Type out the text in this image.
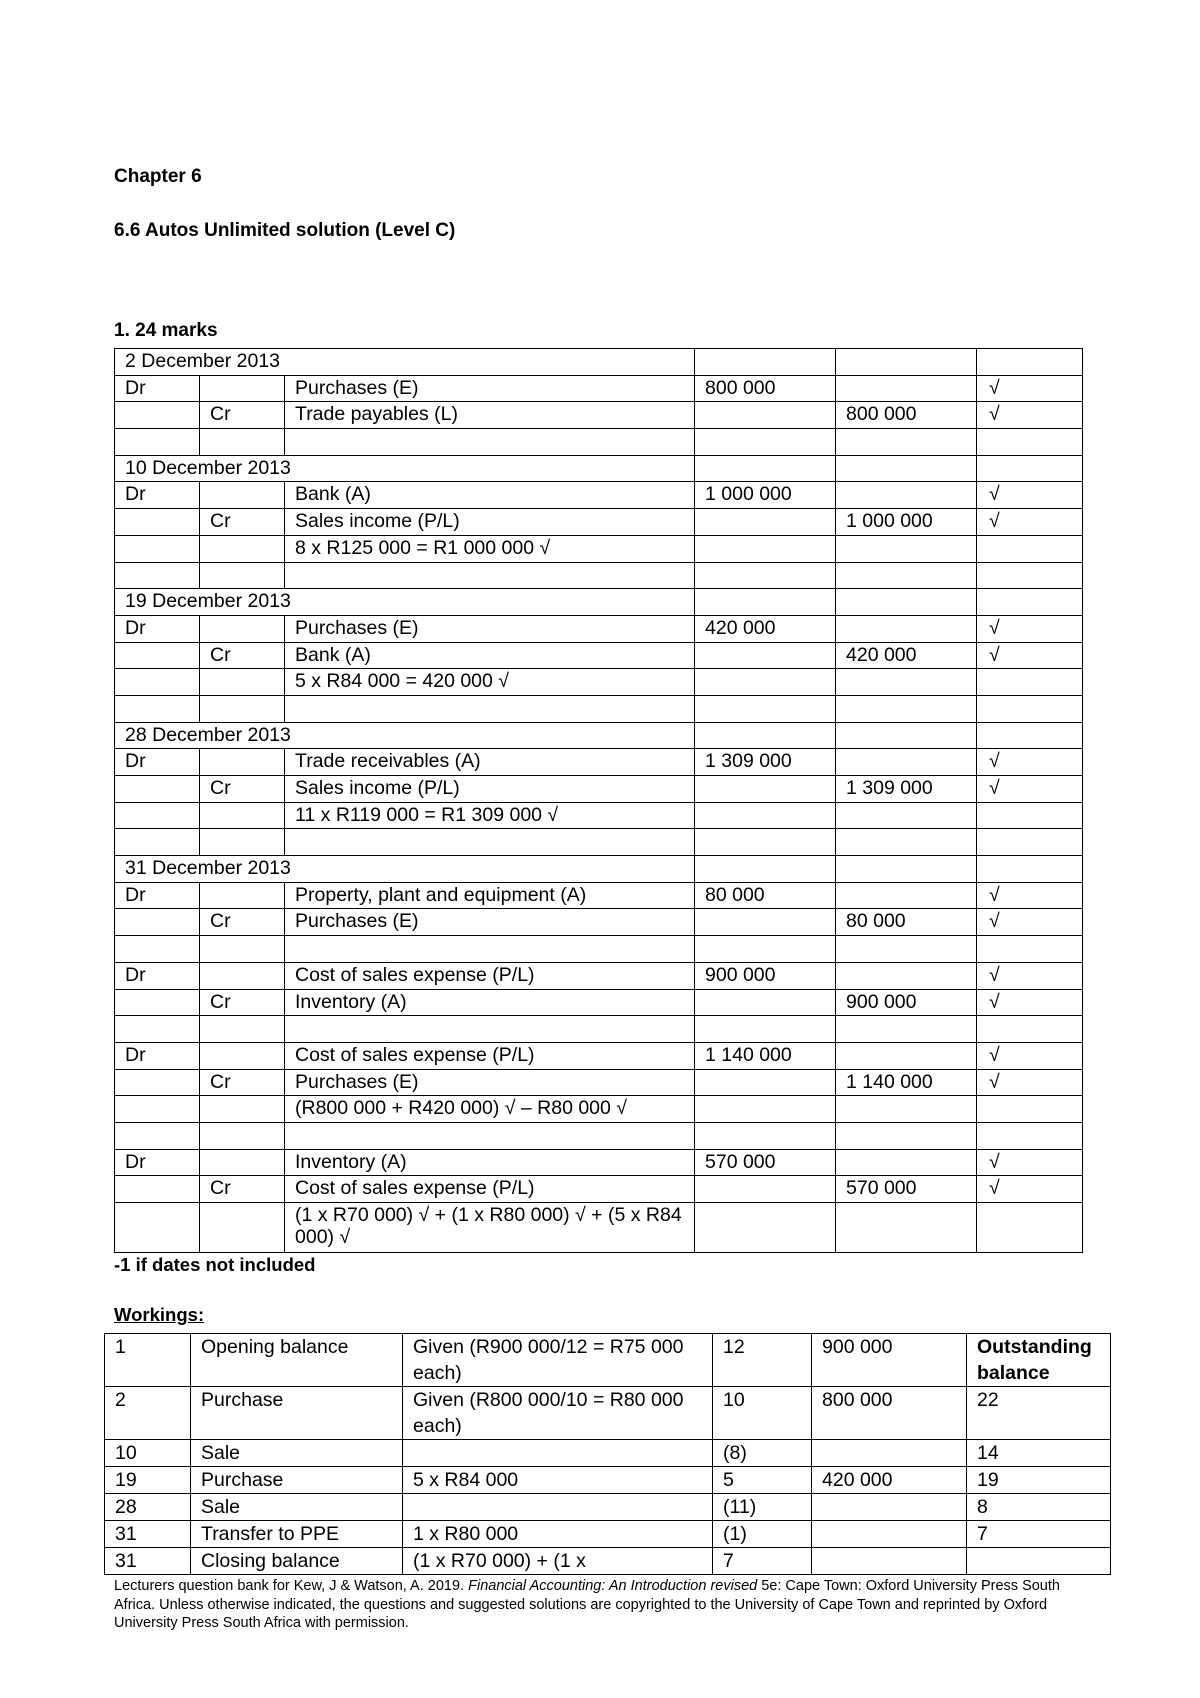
Chapter 6
6.6 Autos Unlimited solution (Level C)
1. 24 marks
2 December 2013					
Dr		Purchases (E)	800 000		√
	Cr	Trade payables (L)		800 000	√

10 December 2013					
Dr		Bank (A)	1 000 000		√
	Cr	Sales income (P/L)		1 000 000	√
		8 x R125 000 = R1 000 000 √			

19 December 2013					
Dr		Purchases (E)	420 000		√
	Cr	Bank (A)		420 000	√
		5 x R84 000 = 420 000 √			

28 December 2013					
Dr		Trade receivables (A)	1 309 000		√
	Cr	Sales income (P/L)		1 309 000	√
		11 x R119 000 = R1 309 000 √			

31 December 2013					
Dr		Property, plant and equipment (A)	80 000		√
	Cr	Purchases (E)		80 000	√

Dr		Cost of sales expense (P/L)	900 000		√
	Cr	Inventory (A)		900 000	√

Dr		Cost of sales expense (P/L)	1 140 000		√
	Cr	Purchases (E)		1 140 000	√
		(R800 000 + R420 000) √ – R80 000 √			

Dr		Inventory (A)	570 000		√
	Cr	Cost of sales expense (P/L)		570 000	√
		(1 x R70 000) √ + (1 x R80 000) √ + (5 x R84 000) √			
-1 if dates not included
Workings:
1	Opening balance	Given (R900 000/12 = R75 000 each)	12	900 000	Outstanding balance
2	Purchase	Given (R800 000/10 = R80 000 each)	10	800 000	22
10	Sale		(8)		14
19	Purchase	5 x R84 000	5	420 000	19
28	Sale		(11)		8
31	Transfer to PPE	1 x R80 000	(1)		7
31	Closing balance	(1 x R70 000) + (1 x	7		
Lecturers question bank for Kew, J & Watson, A. 2019. Financial Accounting: An Introduction revised 5e: Cape Town: Oxford University Press South Africa. Unless otherwise indicated, the questions and suggested solutions are copyrighted to the University of Cape Town and reprinted by Oxford University Press South Africa with permission.
